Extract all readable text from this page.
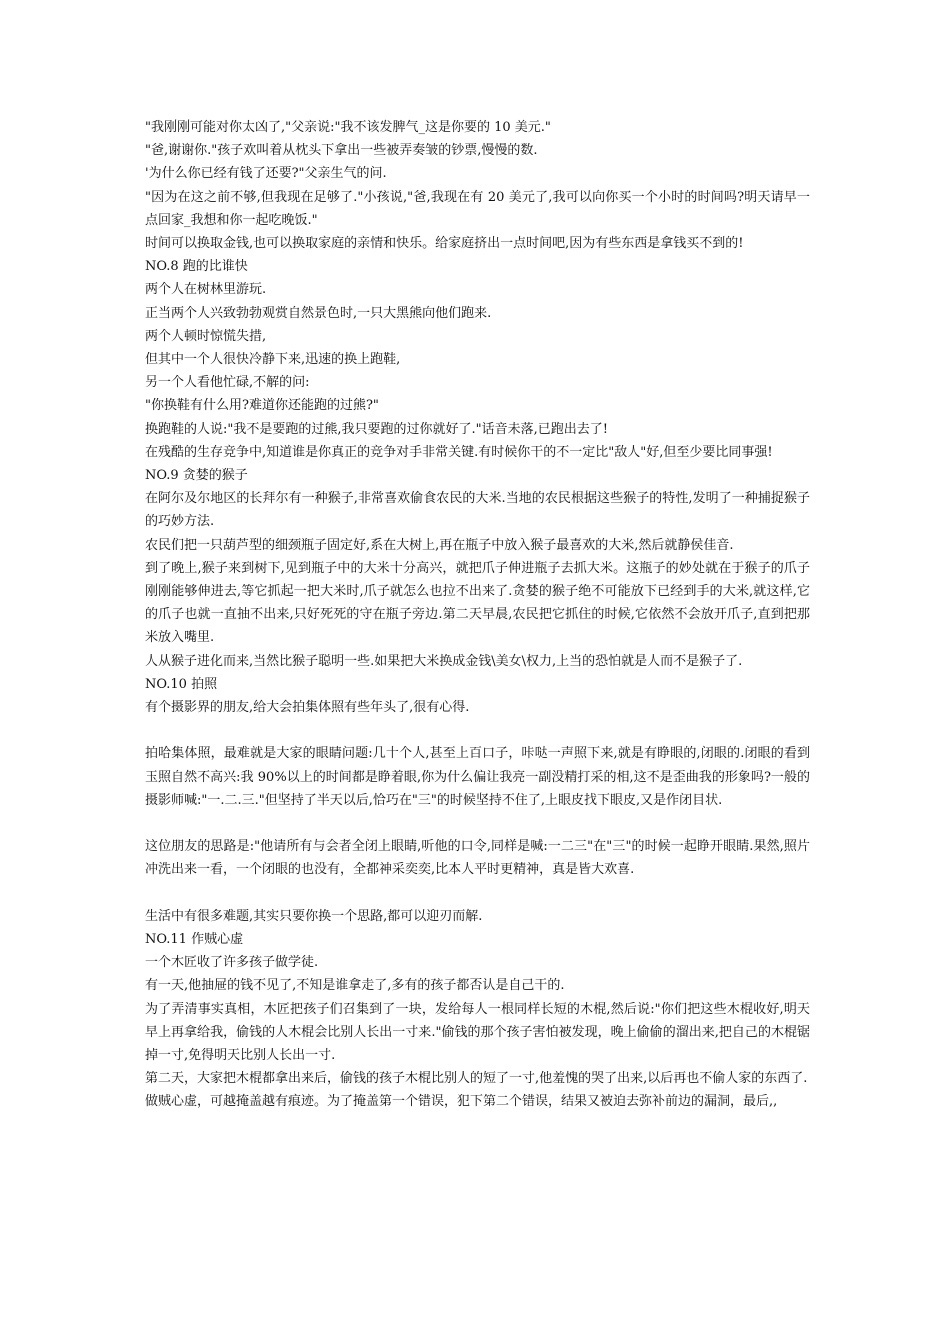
"我刚刚可能对你太凶了,"父亲说:"我不该发脾气_这是你要的 10 美元."

"爸,谢谢你."孩子欢叫着从枕头下拿出一些被弄奏皱的钞票,慢慢的数.

'为什么你已经有钱了还要?"父亲生气的问.

"因为在这之前不够,但我现在足够了."小孩说,"爸,我现在有 20 美元了,我可以向你买一个小时的时间吗?明天请早一点回家_我想和你一起吃晚饭."

时间可以换取金钱,也可以换取家庭的亲情和快乐。给家庭挤出一点时间吧,因为有些东西是拿钱买不到的!

NO.8 跑的比谁快

两个人在树林里游玩.

正当两个人兴致勃勃观赏自然景色时,一只大黑熊向他们跑来.

两个人顿时惊慌失措,

但其中一个人很快冷静下来,迅速的换上跑鞋,

另一个人看他忙碌,不解的问:

"你换鞋有什么用?难道你还能跑的过熊?"

换跑鞋的人说:"我不是要跑的过熊,我只要跑的过你就好了."话音未落,已跑出去了!

在残酷的生存竞争中,知道谁是你真正的竞争对手非常关键.有时候你干的不一定比"敌人"好,但至少要比同事强!

NO.9 贪婪的猴子

在阿尔及尔地区的长拜尔有一种猴子,非常喜欢偷食农民的大米.当地的农民根据这些猴子的特性,发明了一种捕捉猴子的巧妙方法.

农民们把一只葫芦型的细颈瓶子固定好,系在大树上,再在瓶子中放入猴子最喜欢的大米,然后就静侯佳音.

到了晚上,猴子来到树下,见到瓶子中的大米十分高兴，就把爪子伸进瓶子去抓大米。这瓶子的妙处就在于猴子的爪子刚刚能够伸进去,等它抓起一把大米时,爪子就怎么也拉不出来了.贪婪的猴子绝不可能放下已经到手的大米,就这样,它的爪子也就一直抽不出来,只好死死的守在瓶子旁边.第二天早晨,农民把它抓住的时候,它依然不会放开爪子,直到把那米放入嘴里.

人从猴子进化而来,当然比猴子聪明一些.如果把大米换成金钱\美女\权力,上当的恐怕就是人而不是猴子了.

NO.10 拍照

有个摄影界的朋友,给大会拍集体照有些年头了,很有心得.

拍哈集体照，最难就是大家的眼睛问题:几十个人,甚至上百口子，咔哒一声照下来,就是有睁眼的,闭眼的.闭眼的看到玉照自然不高兴:我 90%以上的时间都是睁着眼,你为什么偏让我亮一副没精打采的相,这不是歪曲我的形象吗?一般的摄影师喊:"一.二.三."但坚持了半天以后,恰巧在"三"的时候坚持不住了,上眼皮找下眼皮,又是作闭目状.

这位朋友的思路是:"他请所有与会者全闭上眼睛,听他的口令,同样是喊:一二三"在"三"的时候一起睁开眼睛.果然,照片冲洗出来一看，一个闭眼的也没有，全都神采奕奕,比本人平时更精神，真是皆大欢喜.

生活中有很多难题,其实只要你换一个思路,都可以迎刃而解.

NO.11 作贼心虚

一个木匠收了许多孩子做学徒.

有一天,他抽屉的钱不见了,不知是谁拿走了,多有的孩子都否认是自己干的.

为了弄清事实真相，木匠把孩子们召集到了一块，发给每人一根同样长短的木棍,然后说:"你们把这些木棍收好,明天早上再拿给我，偷钱的人木棍会比别人长出一寸来."偷钱的那个孩子害怕被发现，晚上偷偷的溜出来,把自己的木棍锯掉一寸,免得明天比别人长出一寸.

第二天，大家把木棍都拿出来后，偷钱的孩子木棍比别人的短了一寸,他羞愧的哭了出来,以后再也不偷人家的东西了.

做贼心虚，可越掩盖越有痕迹。为了掩盖第一个错误，犯下第二个错误，结果又被迫去弥补前边的漏洞，最后,,
